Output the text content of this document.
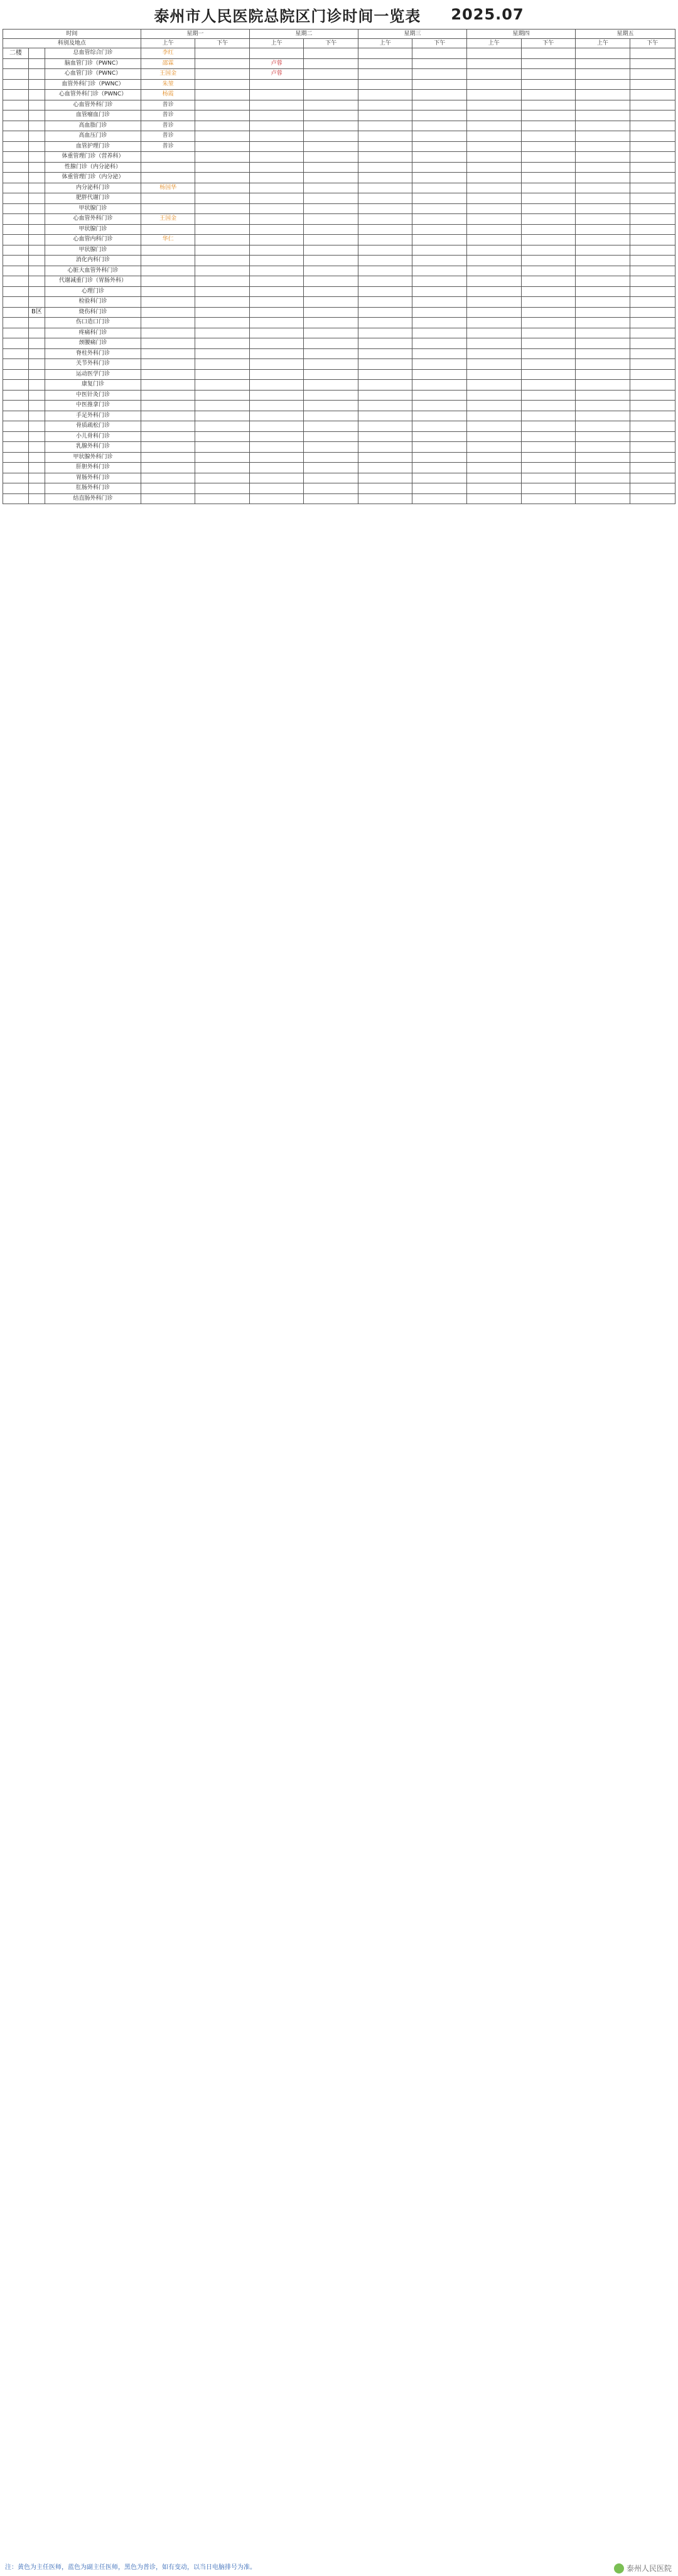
泰州市人民医院总院区门诊时间一览表 2025.07
时间			星期一		星期二		星期三		星期四		星期五	
科别及地点			上午	下午	上午	下午	上午	下午	上午	下午	上午	下午
二楼		总血管综合门诊	李红									
		脑血管门诊（PWNC）	邵霖		卢蓉							
		心血管门诊（PWNC）	王国金		卢蓉							
		血管外科门诊（PWNC）	朱堃									
		心血管外科门诊（PWNC）	杨霞									
		心血管外科门诊	普诊									
		血管瘤血门诊	普诊									
		高血脂门诊	普诊									
		高血压门诊	普诊									
		血管护理门诊	普诊									
		体重管理门诊（营养科）										
		性腺门诊（内分泌科）										
		体重管理门诊（内分泌）										
		内分泌科门诊	杨国华									
		肥胖代谢门诊										
		甲状腺门诊										
		心血管外科门诊	王国金									
		甲状腺门诊										
		心血管内科门诊	华仁									
		甲状腺门诊										
		消化内科门诊										
		心脏大血管外科门诊										
		代谢减重门诊（胃肠外科）										
		心理门诊										
		检验科门诊										
	B区	烧伤科门诊										
		伤口造口门诊										
		疼痛科门诊										
		颈腰痛门诊										
		脊柱外科门诊										
		关节外科门诊										
		运动医学门诊										
		康复门诊										
		中医针灸门诊										
		中医推拿门诊										
		手足外科门诊										
		骨质疏松门诊										
		小儿骨科门诊										
		乳腺外科门诊										
		甲状腺外科门诊										
		肝胆外科门诊										
		胃肠外科门诊										
		肛肠外科门诊										
		结直肠外科门诊										
注：黄色为主任医师，蓝色为副主任医师，黑色为普诊，如有变动，以当日电脑排号为准。	泰州人民医院
